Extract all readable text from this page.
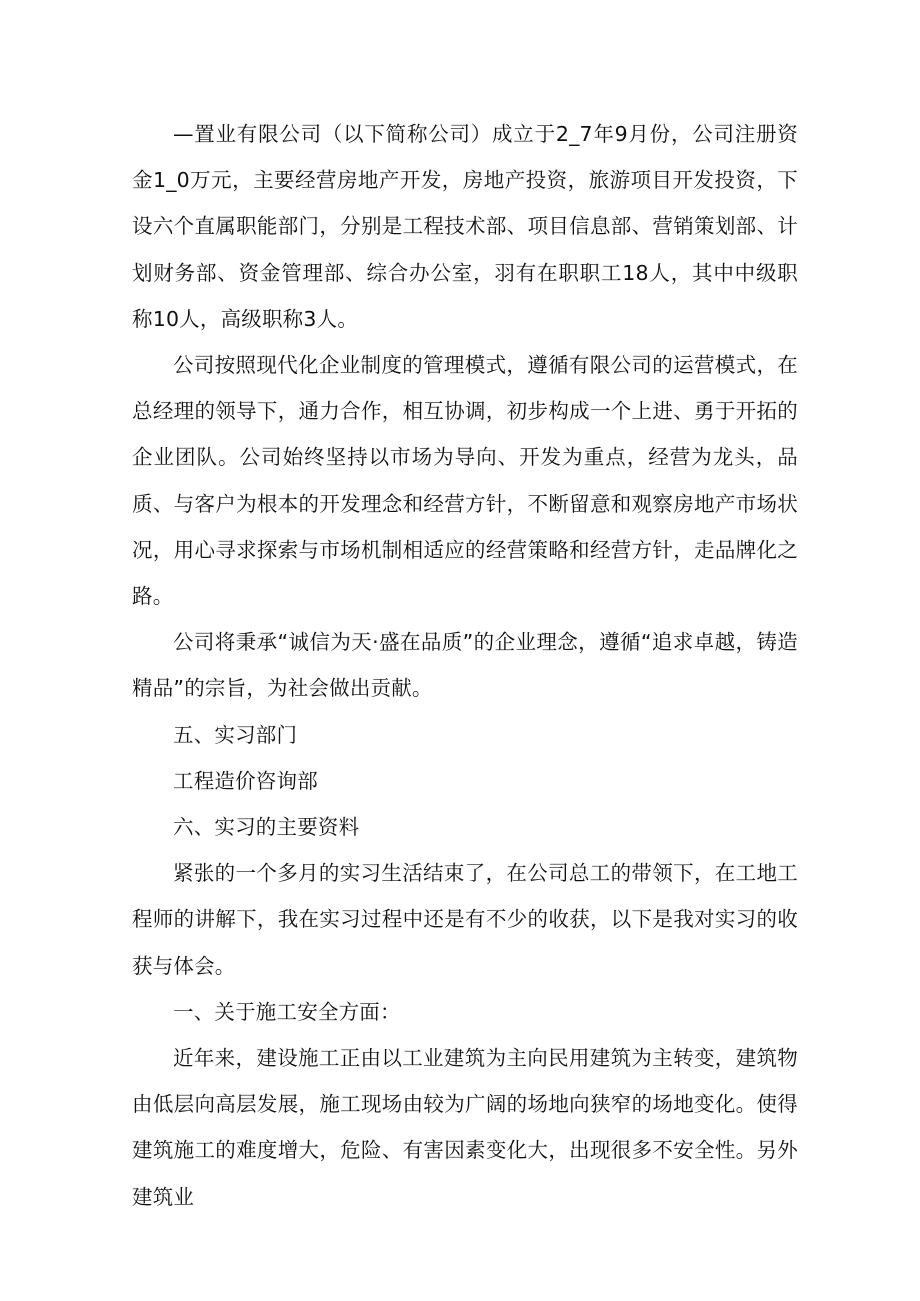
—置业有限公司（以下简称公司）成立于2_7年9月份，公司注册资金1_0万元，主要经营房地产开发，房地产投资，旅游项目开发投资，下设六个直属职能部门，分别是工程技术部、项目信息部、营销策划部、计划财务部、资金管理部、综合办公室，羽有在职职工18人，其中中级职称10人，高级职称3人。

公司按照现代化企业制度的管理模式，遵循有限公司的运营模式，在总经理的领导下，通力合作，相互协调，初步构成一个上进、勇于开拓的企业团队。公司始终坚持以市场为导向、开发为重点，经营为龙头，品质、与客户为根本的开发理念和经营方针，不断留意和观察房地产市场状况，用心寻求探索与市场机制相适应的经营策略和经营方针，走品牌化之路。

公司将秉承“诚信为天·盛在品质”的企业理念，遵循“追求卓越，铸造精品”的宗旨，为社会做出贡献。

五、实习部门

工程造价咨询部

六、实习的主要资料

紧张的一个多月的实习生活结束了，在公司总工的带领下，在工地工程师的讲解下，我在实习过程中还是有不少的收获，以下是我对实习的收获与体会。

一、关于施工安全方面：

近年来，建设施工正由以工业建筑为主向民用建筑为主转变，建筑物由低层向高层发展，施工现场由较为广阔的场地向狭窄的场地变化。使得建筑施工的难度增大，危险、有害因素变化大，出现很多不安全性。另外建筑业
